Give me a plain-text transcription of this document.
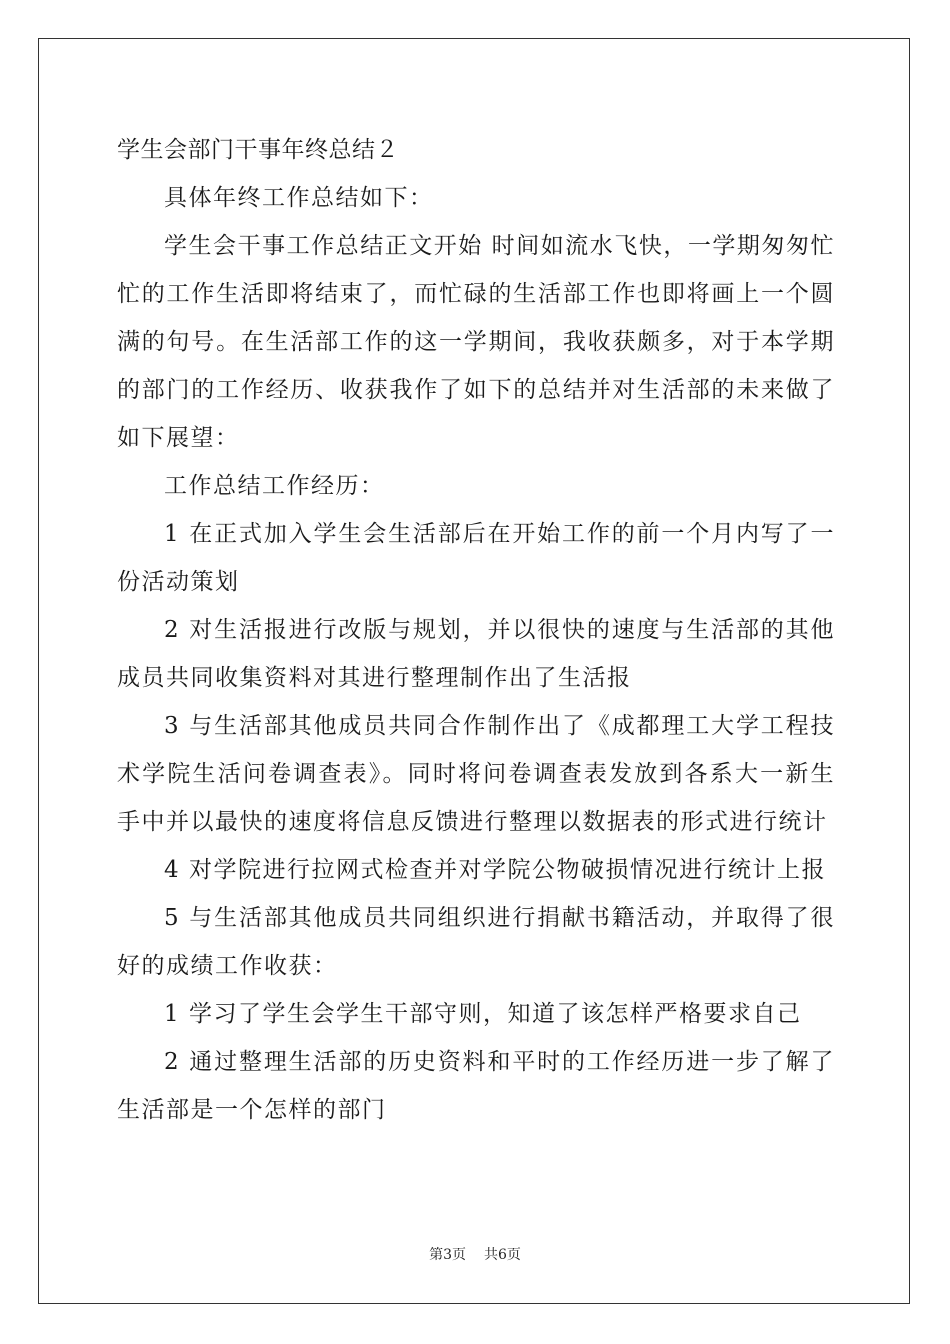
学生会部门干事年终总结２

具体年终工作总结如下：

学生会干事工作总结正文开始 时间如流水飞快，一学期匆匆忙忙的工作生活即将结束了，而忙碌的生活部工作也即将画上一个圆满的句号。在生活部工作的这一学期间，我收获颇多，对于本学期的部门的工作经历、收获我作了如下的总结并对生活部的未来做了如下展望：

工作总结工作经历：

1 在正式加入学生会生活部后在开始工作的前一个月内写了一份活动策划

2 对生活报进行改版与规划，并以很快的速度与生活部的其他成员共同收集资料对其进行整理制作出了生活报

3 与生活部其他成员共同合作制作出了《成都理工大学工程技术学院生活问卷调查表》。同时将问卷调查表发放到各系大一新生手中并以最快的速度将信息反馈进行整理以数据表的形式进行统计

4 对学院进行拉网式检查并对学院公物破损情况进行统计上报

5 与生活部其他成员共同组织进行捐献书籍活动，并取得了很好的成绩工作收获：

1 学习了学生会学生干部守则，知道了该怎样严格要求自己

2 通过整理生活部的历史资料和平时的工作经历进一步了解了生活部是一个怎样的部门

第3页 共6页
